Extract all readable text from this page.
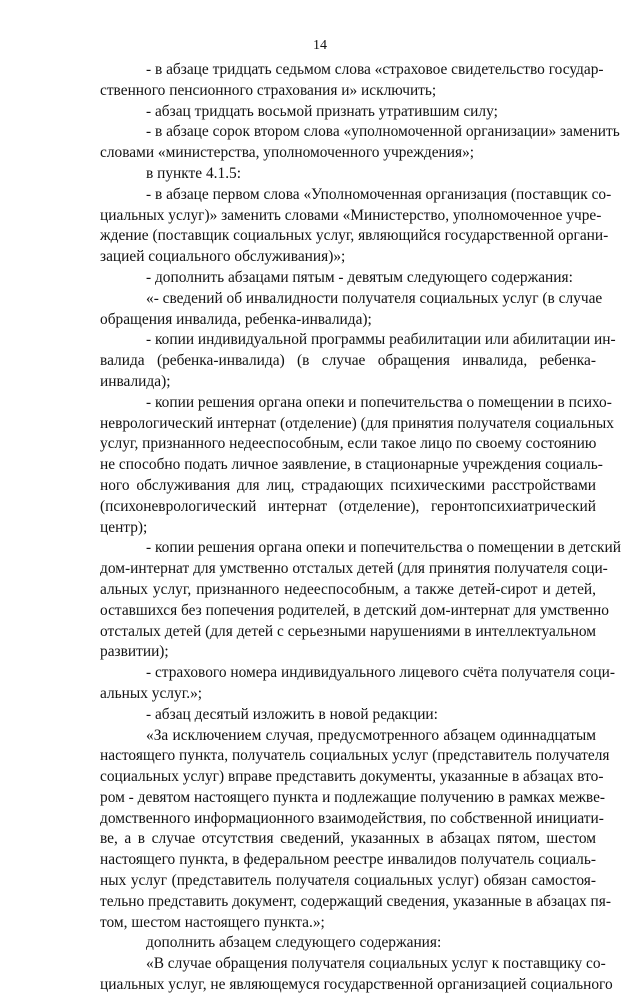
14
- в абзаце тридцать седьмом слова «страховое свидетельство государ-
ственного пенсионного страхования и» исключить;
- абзац тридцать восьмой признать утратившим силу;
- в абзаце сорок втором слова «уполномоченной организации» заменить
словами «министерства, уполномоченного учреждения»;
в пункте 4.1.5:
- в абзаце первом слова «Уполномоченная организация (поставщик со-
циальных услуг)» заменить словами «Министерство, уполномоченное учре-
ждение (поставщик социальных услуг, являющийся государственной органи-
зацией социального обслуживания)»;
- дополнить абзацами пятым - девятым следующего содержания:
«- сведений об инвалидности получателя социальных услуг (в случае
обращения инвалида, ребенка-инвалида);
- копии индивидуальной программы реабилитации или абилитации ин-
валида (ребенка-инвалида) (в случае обращения инвалида, ребенка-
инвалида);
- копии решения органа опеки и попечительства о помещении в психо-
неврологический интернат (отделение) (для принятия получателя социальных
услуг, признанного недееспособным, если такое лицо по своему состоянию
не способно подать личное заявление, в стационарные учреждения социаль-
ного обслуживания для лиц, страдающих психическими расстройствами
(психоневрологический интернат (отделение), геронтопсихиатрический
центр);
- копии решения органа опеки и попечительства о помещении в детский
дом-интернат для умственно отсталых детей (для принятия получателя соци-
альных услуг, признанного недееспособным, а также детей-сирот и детей,
оставшихся без попечения родителей, в детский дом-интернат для умственно
отсталых детей (для детей с серьезными нарушениями в интеллектуальном
развитии);
- страхового номера индивидуального лицевого счёта получателя соци-
альных услуг.»;
- абзац десятый изложить в новой редакции:
«За исключением случая, предусмотренного абзацем одиннадцатым
настоящего пункта, получатель социальных услуг (представитель получателя
социальных услуг) вправе представить документы, указанные в абзацах вто-
ром - девятом настоящего пункта и подлежащие получению в рамках межве-
домственного информационного взаимодействия, по собственной инициати-
ве, а в случае отсутствия сведений, указанных в абзацах пятом, шестом
настоящего пункта, в федеральном реестре инвалидов получатель социаль-
ных услуг (представитель получателя социальных услуг) обязан самостоя-
тельно представить документ, содержащий сведения, указанные в абзацах пя-
том, шестом настоящего пункта.»;
дополнить абзацем следующего содержания:
«В случае обращения получателя социальных услуг к поставщику со-
циальных услуг, не являющемуся государственной организацией социального
